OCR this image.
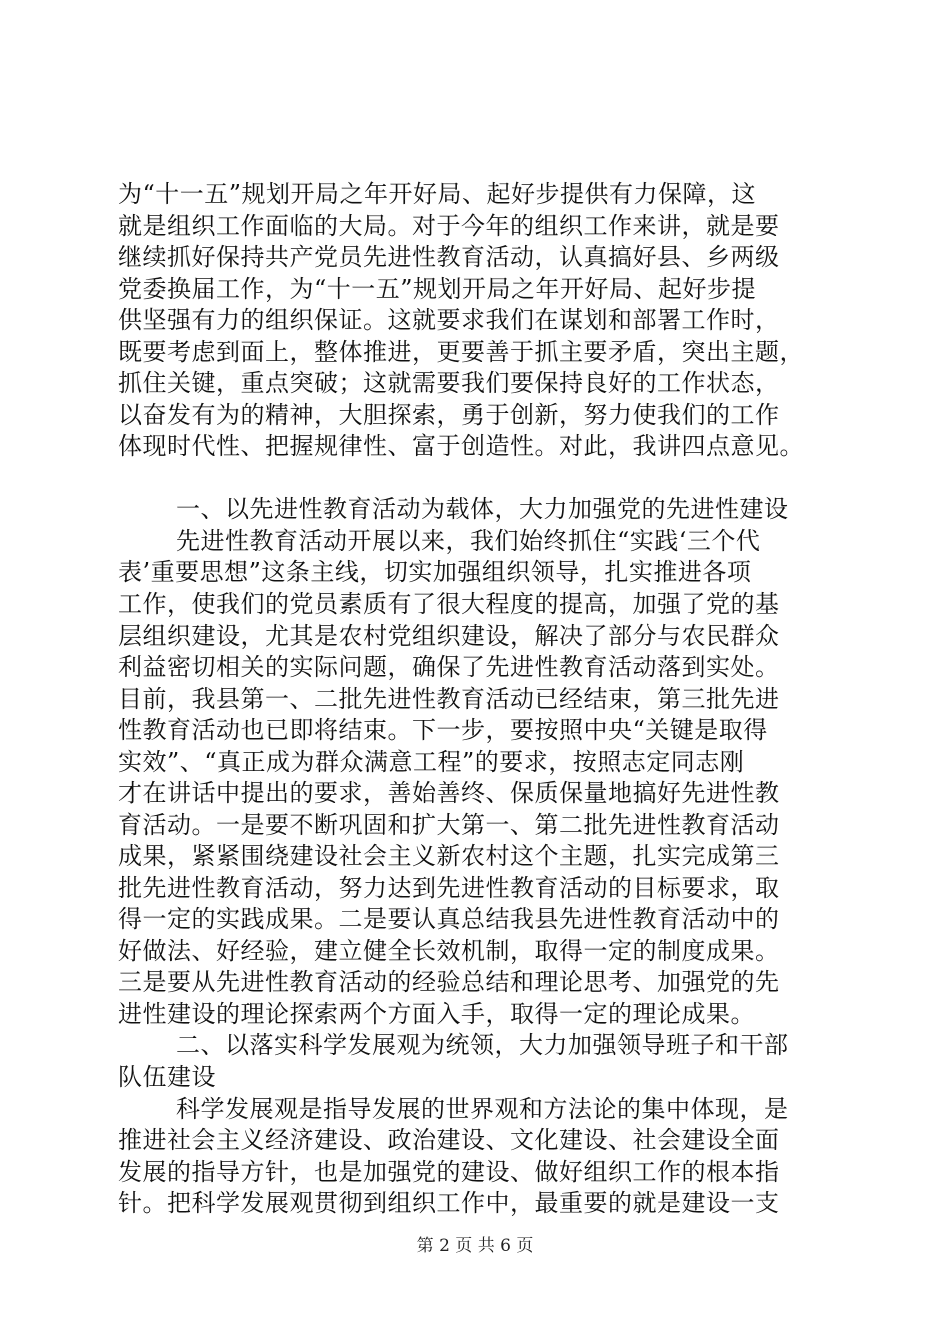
为“十一五”规划开局之年开好局、起好步提供有力保障，这
就是组织工作面临的大局。对于今年的组织工作来讲，就是要
继续抓好保持共产党员先进性教育活动，认真搞好县、乡两级
党委换届工作，为“十一五”规划开局之年开好局、起好步提
供坚强有力的组织保证。这就要求我们在谋划和部署工作时，
既要考虑到面上，整体推进，更要善于抓主要矛盾，突出主题，
抓住关键，重点突破；这就需要我们要保持良好的工作状态，
以奋发有为的精神，大胆探索，勇于创新，努力使我们的工作
体现时代性、把握规律性、富于创造性。对此，我讲四点意见。
一、以先进性教育活动为载体，大力加强党的先进性建设
先进性教育活动开展以来，我们始终抓住“实践‘三个代
表’重要思想”这条主线，切实加强组织领导，扎实推进各项
工作，使我们的党员素质有了很大程度的提高，加强了党的基
层组织建设，尤其是农村党组织建设，解决了部分与农民群众
利益密切相关的实际问题，确保了先进性教育活动落到实处。
目前，我县第一、二批先进性教育活动已经结束，第三批先进
性教育活动也已即将结束。下一步，要按照中央“关键是取得
实效”、“真正成为群众满意工程”的要求，按照志定同志刚
才在讲话中提出的要求，善始善终、保质保量地搞好先进性教
育活动。一是要不断巩固和扩大第一、第二批先进性教育活动
成果，紧紧围绕建设社会主义新农村这个主题，扎实完成第三
批先进性教育活动，努力达到先进性教育活动的目标要求，取
得一定的实践成果。二是要认真总结我县先进性教育活动中的
好做法、好经验，建立健全长效机制，取得一定的制度成果。
三是要从先进性教育活动的经验总结和理论思考、加强党的先
进性建设的理论探索两个方面入手，取得一定的理论成果。
二、以落实科学发展观为统领，大力加强领导班子和干部
队伍建设
科学发展观是指导发展的世界观和方法论的集中体现，是
推进社会主义经济建设、政治建设、文化建设、社会建设全面
发展的指导方针，也是加强党的建设、做好组织工作的根本指
针。把科学发展观贯彻到组织工作中，最重要的就是建设一支
第 2 页 共 6 页
